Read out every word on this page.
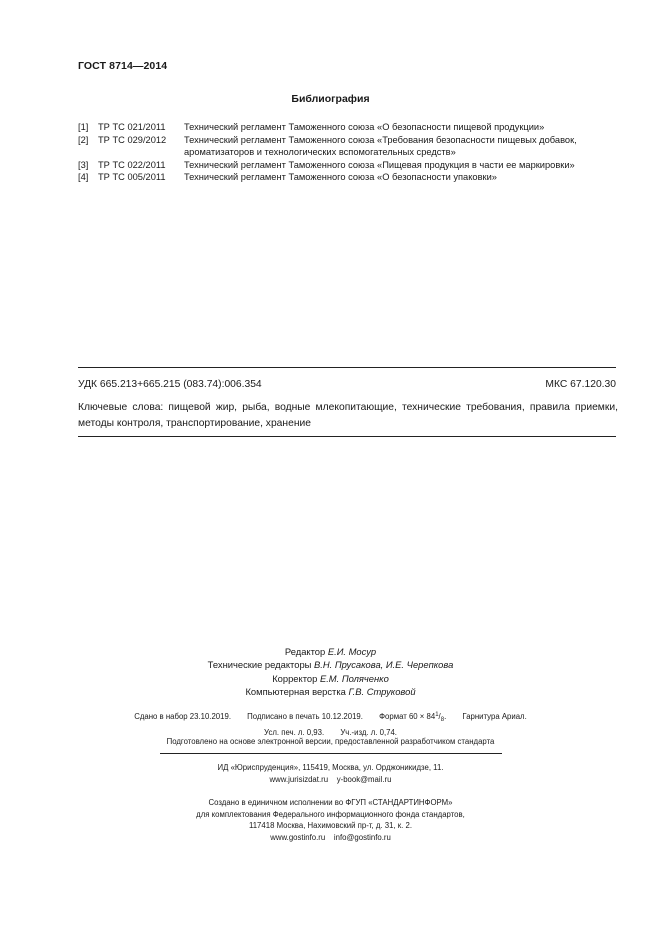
ГОСТ 8714—2014
Библиография
[1]	ТР ТС 021/2011	Технический регламент Таможенного союза «О безопасности пищевой продукции»
[2]	ТР ТС 029/2012	Технический регламент Таможенного союза «Требования безопасности пищевых добавок, ароматизаторов и технологических вспомогательных средств»
[3]	ТР ТС 022/2011	Технический регламент Таможенного союза «Пищевая продукция в части ее маркировки»
[4]	ТР ТС 005/2011	Технический регламент Таможенного союза «О безопасности упаковки»
УДК 665.213+665.215 (083.74):006.354	МКС 67.120.30
Ключевые слова: пищевой жир, рыба, водные млекопитающие, технические требования, правила приемки, методы контроля, транспортирование, хранение
Редактор Е.И. Мосур
Технические редакторы В.Н. Прусакова, И.Е. Черепкова
Корректор Е.М. Поляченко
Компьютерная верстка Г.В. Струковой
Сдано в набор 23.10.2019. Подписано в печать 10.12.2019. Формат $60 \times 84^1/_8$. Гарнитура Ариал.
Усл. печ. л. 0,93. Уч.-изд. л. 0,74.
Подготовлено на основе электронной версии, предоставленной разработчиком стандарта
ИД «Юриспруденция», 115419, Москва, ул. Орджоникидзе, 11.
www.jurisizdat.ru y-book@mail.ru
Создано в единичном исполнении во ФГУП «СТАНДАРТИНФОРМ»
для комплектования Федерального информационного фонда стандартов,
117418 Москва, Нахимовский пр-т, д. 31, к. 2.
www.gostinfo.ru info@gostinfo.ru
